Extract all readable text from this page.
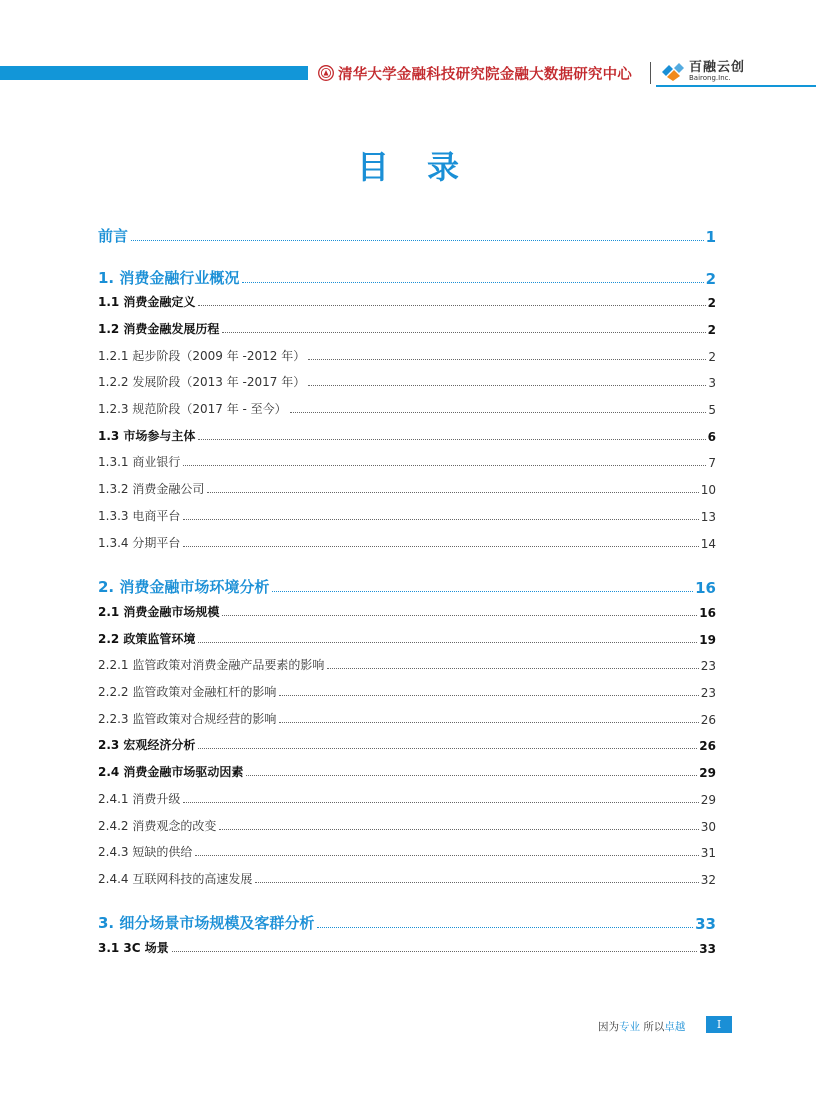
清华大学金融科技研究院金融大数据研究中心	百融云创
Bairong.Inc.
目录
前言	1
1. 消费金融行业概况	2
1.1 消费金融定义	2
1.2 消费金融发展历程	2
1.2.1 起步阶段（2009 年 -2012 年）	2
1.2.2 发展阶段（2013 年 -2017 年）	3
1.2.3 规范阶段（2017 年 - 至今）	5
1.3 市场参与主体	6
1.3.1 商业银行	7
1.3.2 消费金融公司	10
1.3.3 电商平台	13
1.3.4 分期平台	14
2. 消费金融市场环境分析	16
2.1 消费金融市场规模	16
2.2 政策监管环境	19
2.2.1 监管政策对消费金融产品要素的影响	23
2.2.2 监管政策对金融杠杆的影响	23
2.2.3 监管政策对合规经营的影响	26
2.3 宏观经济分析	26
2.4 消费金融市场驱动因素	29
2.4.1 消费升级	29
2.4.2 消费观念的改变	30
2.4.3 短缺的供给	31
2.4.4 互联网科技的高速发展	32
3. 细分场景市场规模及客群分析	33
3.1 3C 场景	33
因为专业 所以卓越	I
